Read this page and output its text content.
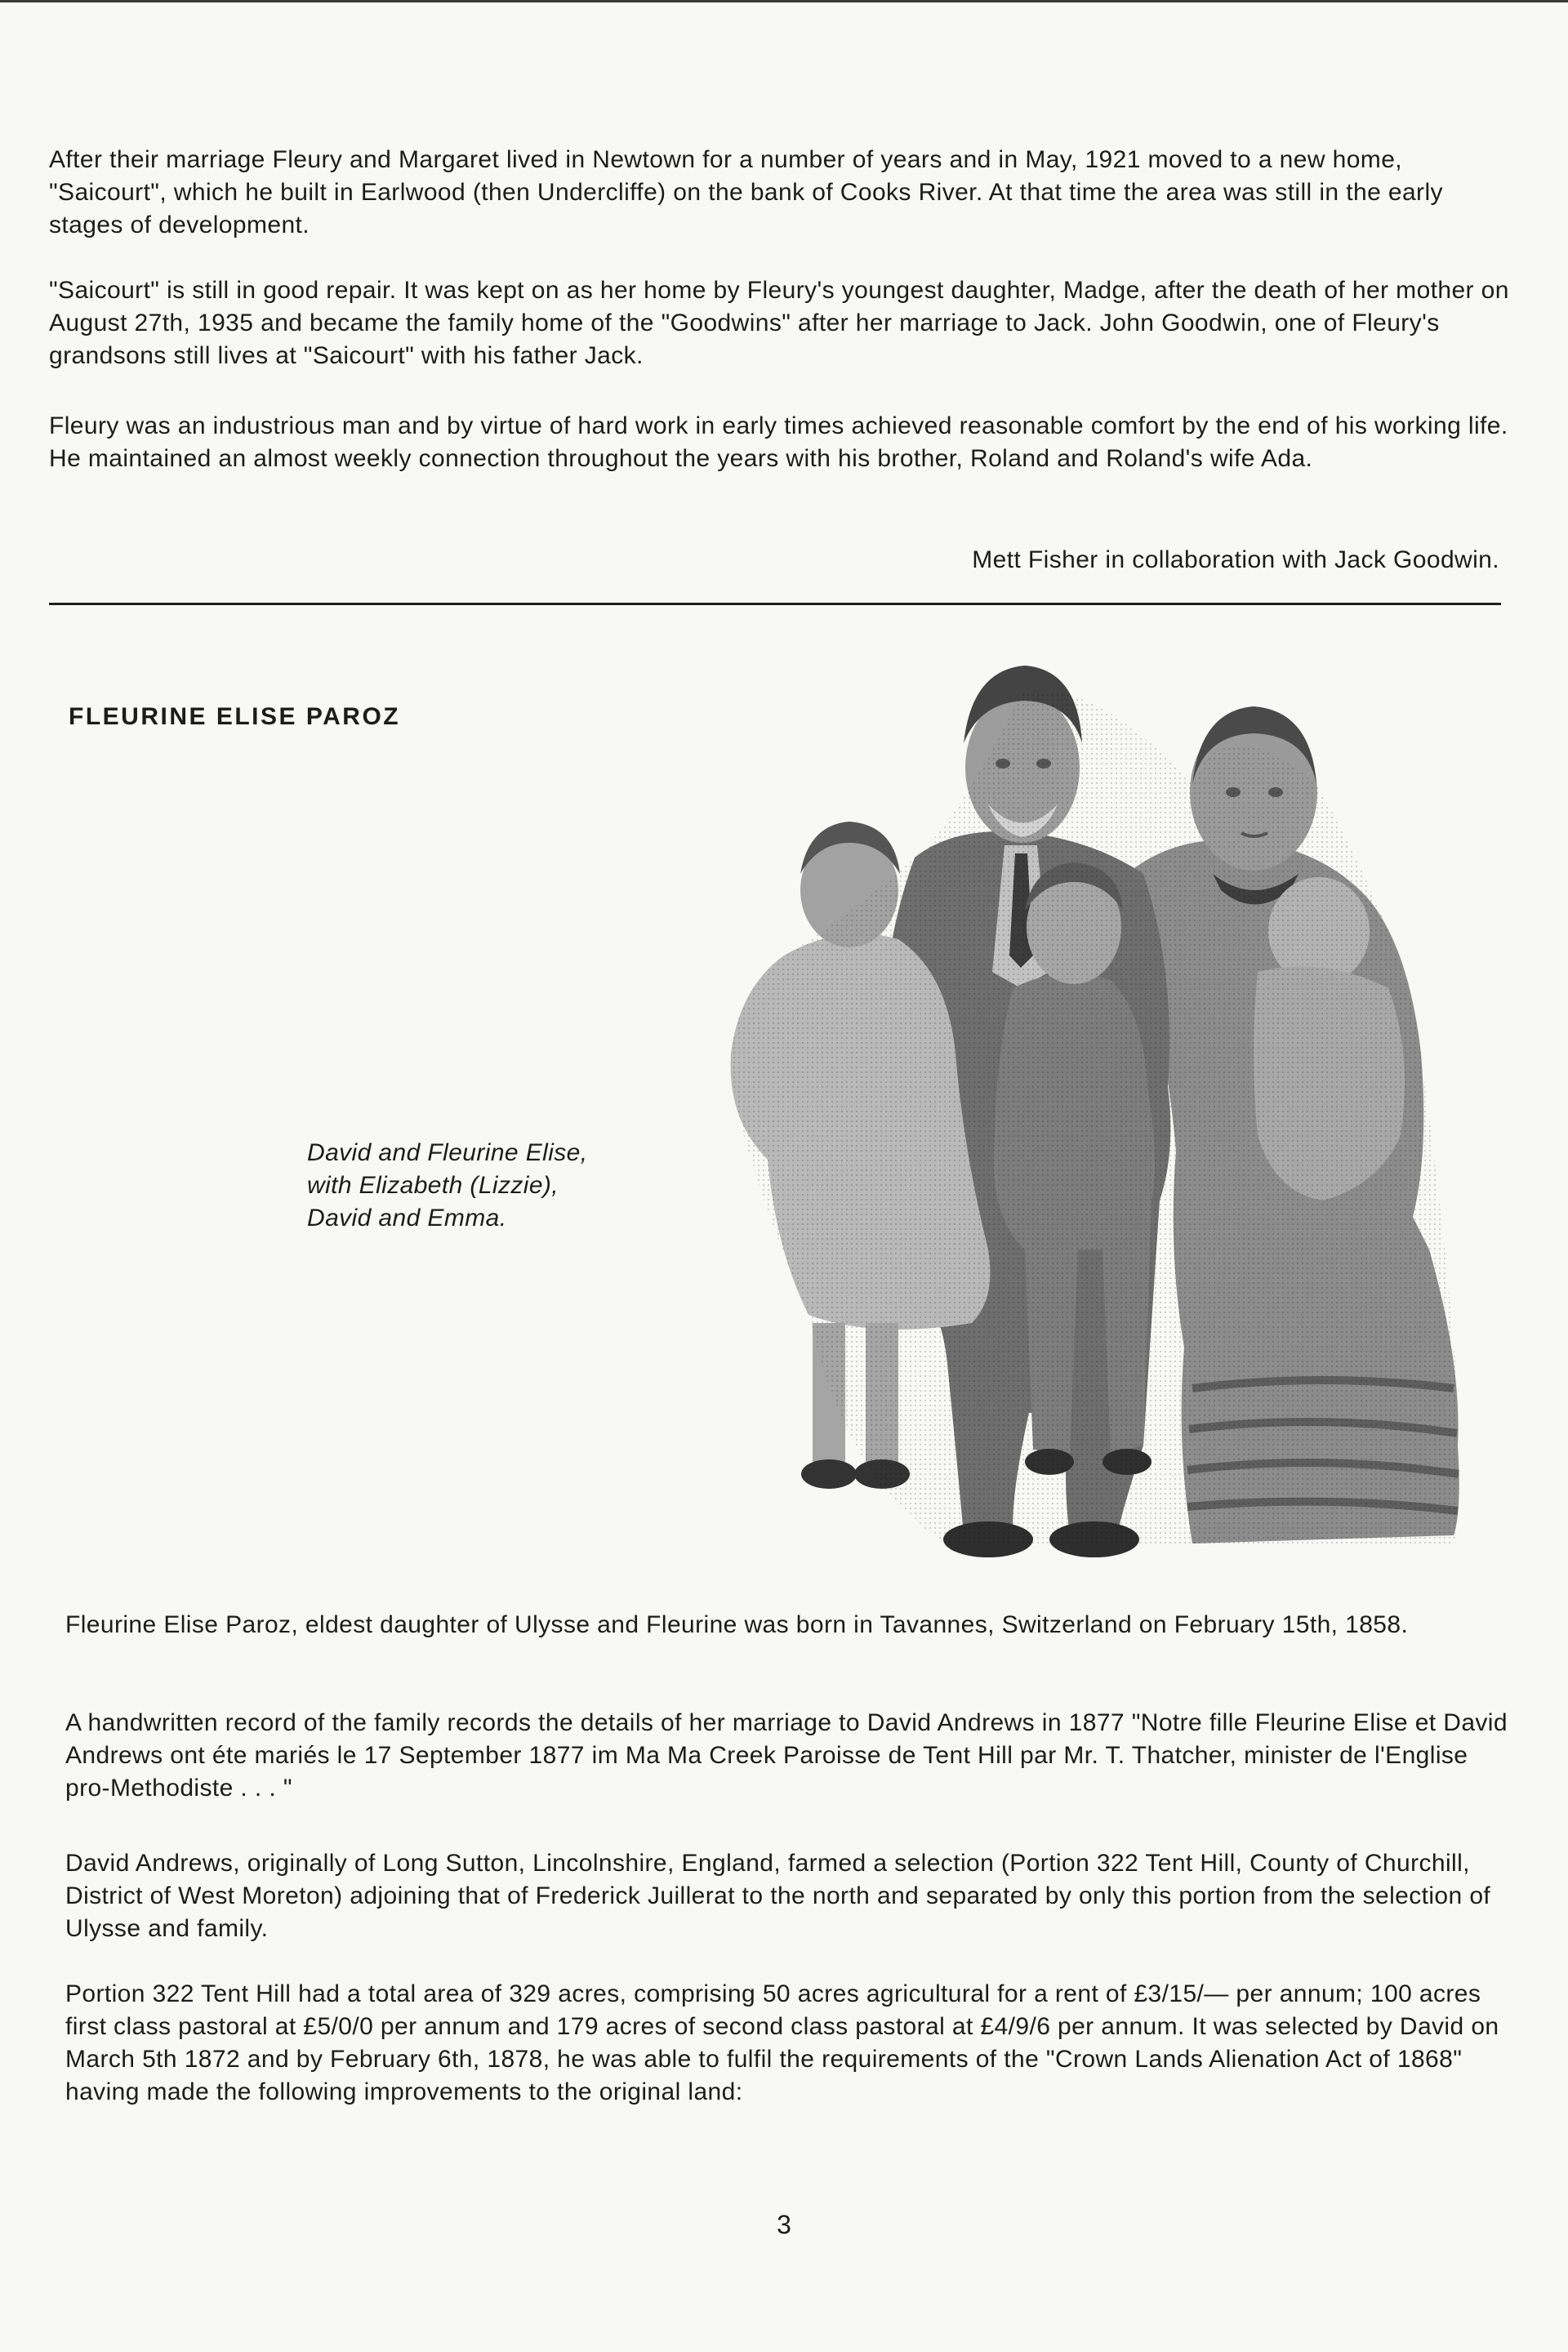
After their marriage Fleury and Margaret lived in Newtown for a number of years and in May, 1921 moved to a new home, "Saicourt", which he built in Earlwood (then Undercliffe) on the bank of Cooks River. At that time the area was still in the early stages of development.

"Saicourt" is still in good repair. It was kept on as her home by Fleury's youngest daughter, Madge, after the death of her mother on August 27th, 1935 and became the family home of the "Goodwins" after her marriage to Jack. John Goodwin, one of Fleury's grandsons still lives at "Saicourt" with his father Jack.

Fleury was an industrious man and by virtue of hard work in early times achieved reasonable comfort by the end of his working life. He maintained an almost weekly connection throughout the years with his brother, Roland and Roland's wife Ada.

Mett Fisher in collaboration with Jack Goodwin.

FLEURINE ELISE PAROZ

David and Fleurine Elise,
with Elizabeth (Lizzie),
David and Emma.

Fleurine Elise Paroz, eldest daughter of Ulysse and Fleurine was born in Tavannes, Switzerland on February 15th, 1858.

A handwritten record of the family records the details of her marriage to David Andrews in 1877 "Notre fille Fleurine Elise et David Andrews ont éte mariés le 17 September 1877 im Ma Ma Creek Paroisse de Tent Hill par Mr. T. Thatcher, minister de l'Englise pro-Methodiste . . . "

David Andrews, originally of Long Sutton, Lincolnshire, England, farmed a selection (Portion 322 Tent Hill, County of Churchill, District of West Moreton) adjoining that of Frederick Juillerat to the north and separated by only this portion from the selection of Ulysse and family.

Portion 322 Tent Hill had a total area of 329 acres, comprising 50 acres agricultural for a rent of £3/15/— per annum; 100 acres first class pastoral at £5/0/0 per annum and 179 acres of second class pastoral at £4/9/6 per annum. It was selected by David on March 5th 1872 and by February 6th, 1878, he was able to fulfil the requirements of the "Crown Lands Alienation Act of 1868" having made the following improvements to the original land:

3
